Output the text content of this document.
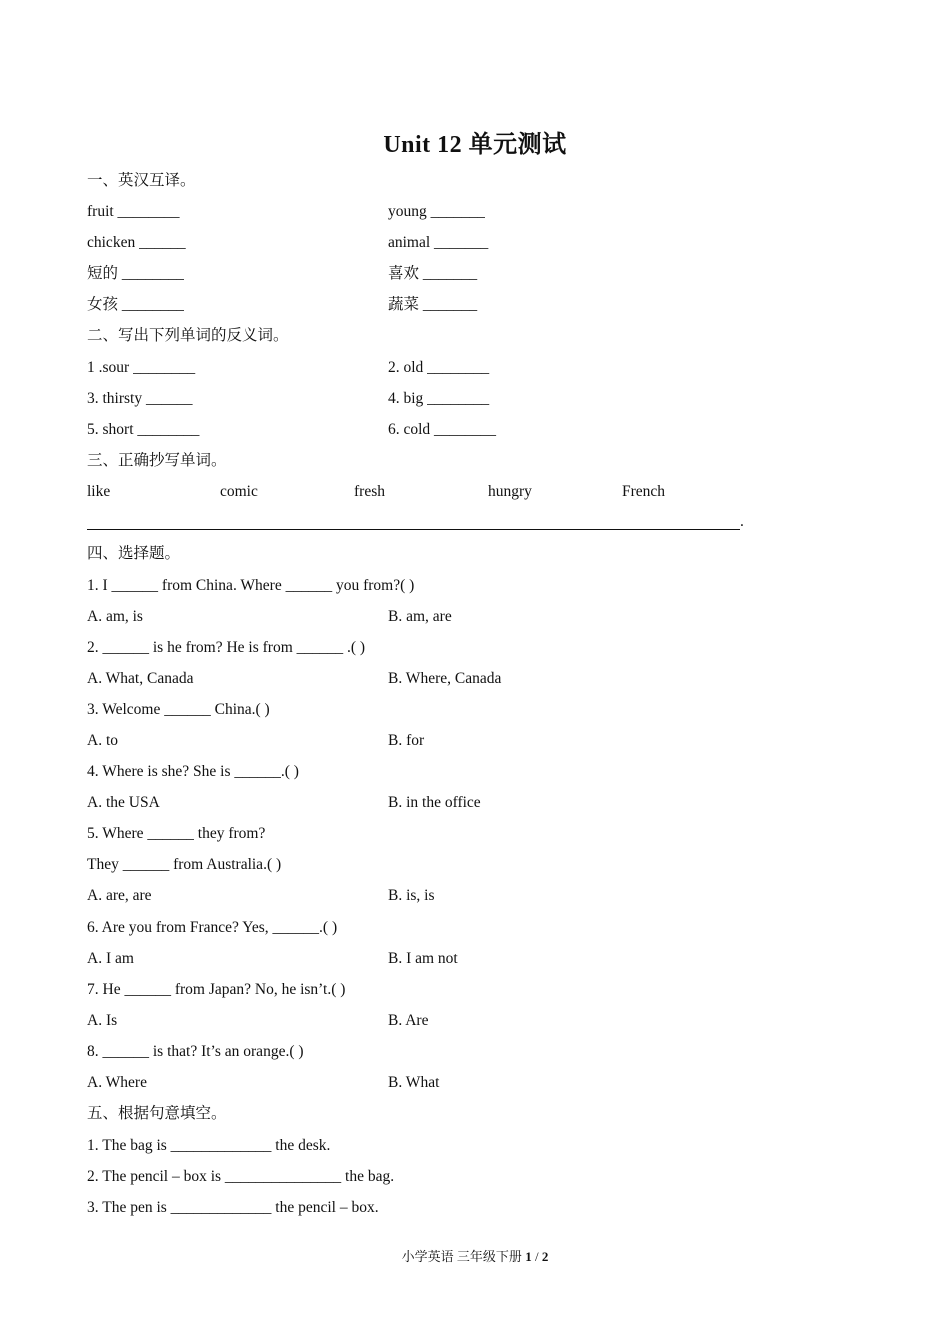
Unit 12 单元测试
一、英汉互译。
fruit ________	young _______
chicken ______	animal _______
短的 ________	喜欢 _______
女孩 ________	蔬菜 _______
二、写出下列单词的反义词。
1 .sour ________	2. old ________
3. thirsty ______	4. big ________
5. short ________	6. cold ________
三、正确抄写单词。
like	comic	fresh	hungry	French
.
四、选择题。
1. I ______ from China. Where ______ you from?( )
A. am, is	B. am, are
2. ______ is he from? He is from ______ .( )
A. What, Canada	B. Where, Canada
3. Welcome ______ China.( )
A. to	B. for
4. Where is she? She is ______.( )
A. the USA	B. in the office
5. Where ______ they from?
They ______ from Australia.( )
A. are, are	B. is, is
6. Are you from France? Yes, ______.( )
A. I am	B. I am not
7. He ______ from Japan? No, he isn’t.( )
A. Is	B. Are
8. ______ is that? It’s an orange.( )
A. Where	B. What
五、根据句意填空。
1. The bag is _____________ the desk.
2. The pencil – box is _______________ the bag.
3. The pen is _____________ the pencil – box.
小学英语 三年级下册 1 / 2
